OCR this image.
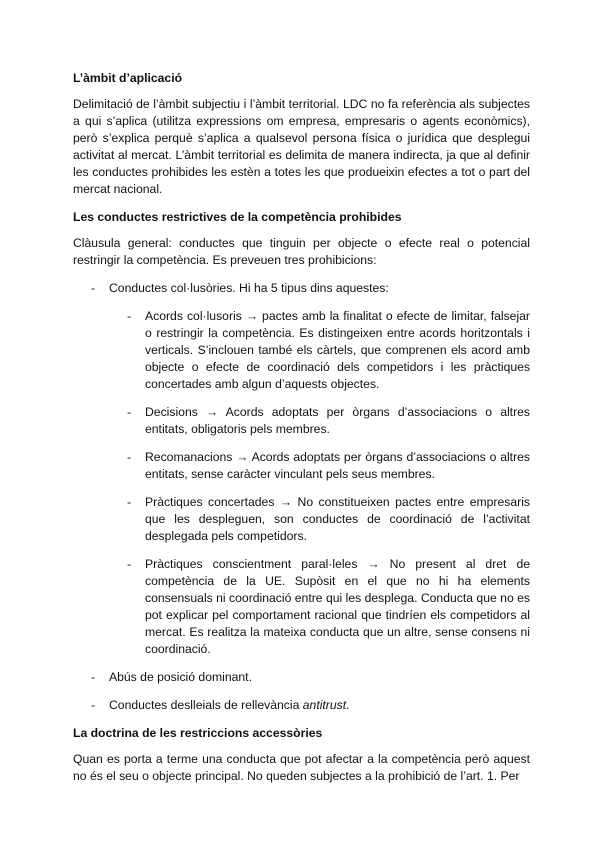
L’àmbit d’aplicació

Delimitació de l’àmbit subjectiu i l’àmbit territorial. LDC no fa referència als subjectes a qui s’aplica (utilitza expressions om empresa, empresaris o agents econòmics), però s’explica perquè s’aplica a qualsevol persona física o jurídica que desplegui activitat al mercat. L’àmbit territorial es delimita de manera indirecta, ja que al definir les conductes prohibides les estèn a totes les que produeixin efectes a tot o part del mercat nacional.

Les conductes restrictives de la competència prohibides

Clàusula general: conductes que tinguin per objecte o efecte real o potencial restringir la competència. Es preveuen tres prohibicions:

- Conductes col·lusòries. Hi ha 5 tipus dins aquestes:
- Acords col·lusoris → pactes amb la finalitat o efecte de limitar, falsejar o restringir la competència. Es distingeixen entre acords horitzontals i verticals. S’inclouen també els càrtels, que comprenen els acord amb objecte o efecte de coordinació dels competidors i les pràctiques concertades amb algun d’aquests objectes.
- Decisions → Acords adoptats per òrgans d’associacions o altres entitats, obligatoris pels membres.
- Recomanacions → Acords adoptats per òrgans d’associacions o altres entitats, sense caràcter vinculant pels seus membres.
- Pràctiques concertades → No constitueixen pactes entre empresaris que les despleguen, son conductes de coordinació de l’activitat desplegada pels competidors.
- Pràctiques conscientment paral·leles → No present al dret de competència de la UE. Supòsit en el que no hi ha elements consensuals ni coordinació entre qui les desplega. Conducta que no es pot explicar pel comportament racional que tindríen els competidors al mercat. Es realitza la mateixa conducta que un altre, sense consens ni coordinació.
- Abús de posició dominant.
- Conductes deslleials de rellevància antitrust.
La doctrina de les restriccions accessòries

Quan es porta a terme una conducta que pot afectar a la competència però aquest no és el seu o objecte principal. No queden subjectes a la prohibició de l’art. 1. Per
